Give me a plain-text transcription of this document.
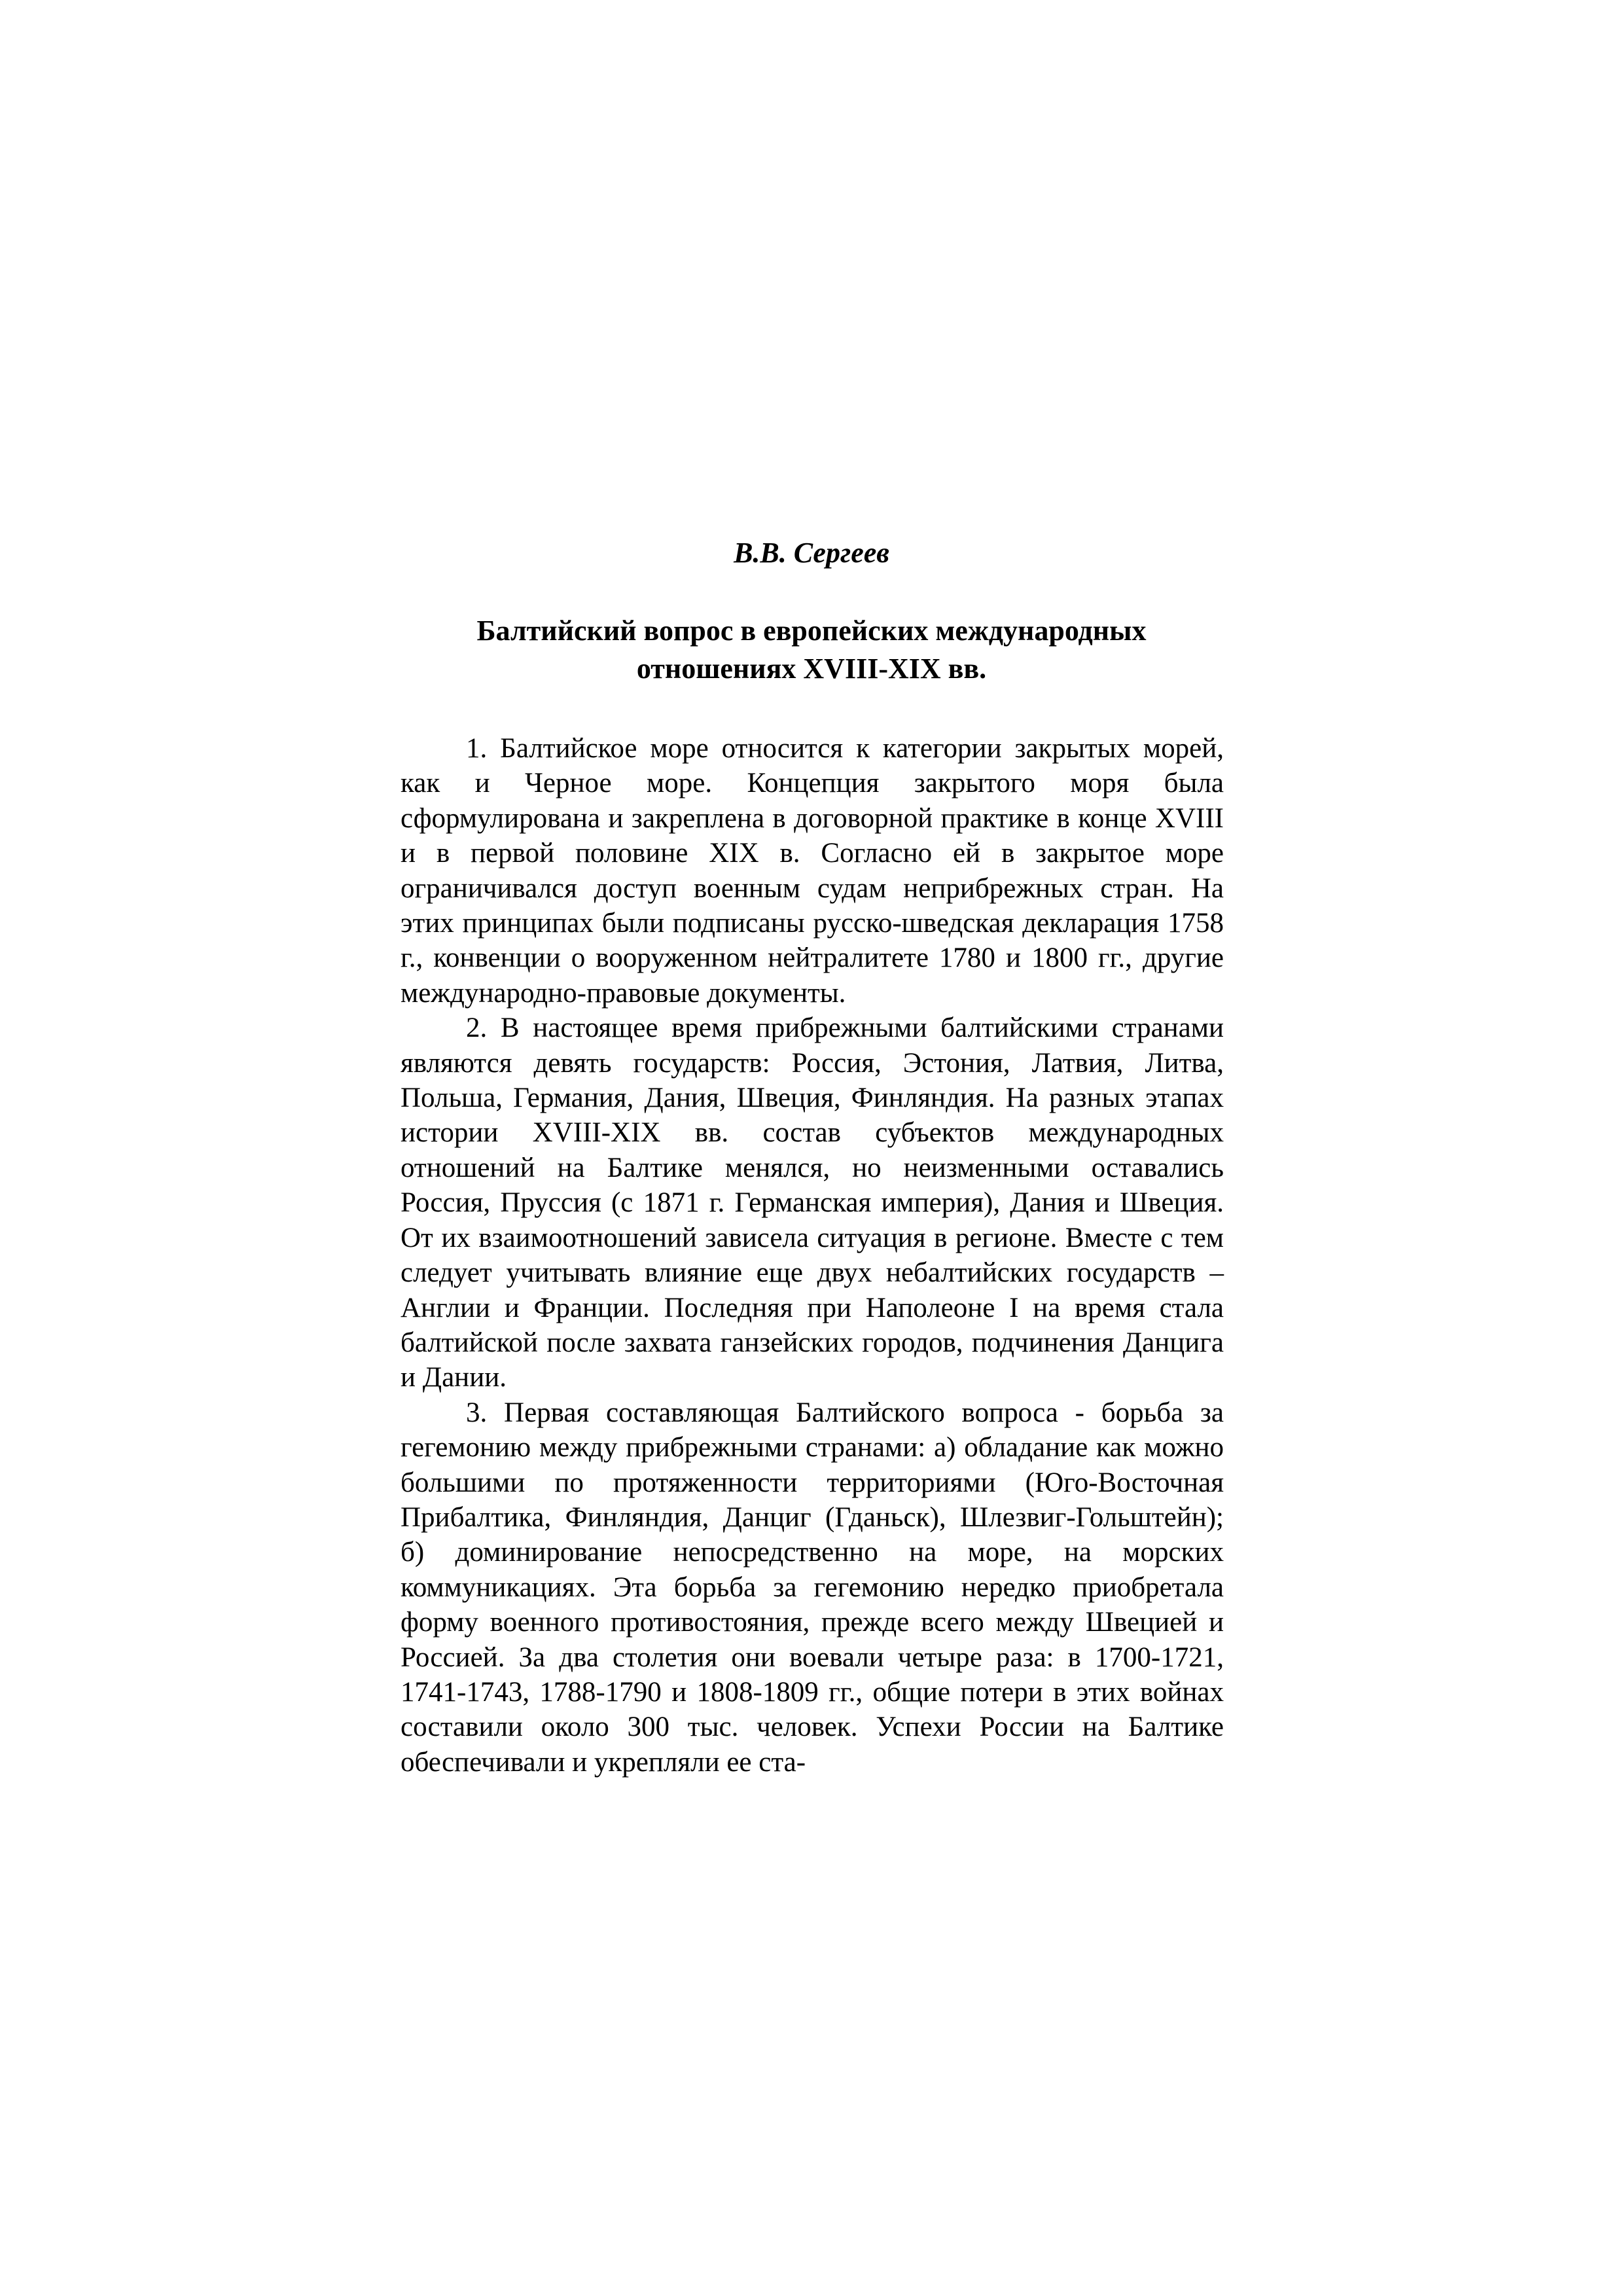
В.В. Сергеев
Балтийский вопрос в европейских международных
отношениях XVIII-XIX вв.

1. Балтийское море относится к категории закрытых морей, как и Черное море. Концепция закрытого моря была сформулирована и закреплена в договорной практике в конце XVIII и в первой половине XIX в. Согласно ей в закрытое море ограничивался доступ военным судам неприбрежных стран. На этих принципах были подписаны русско-шведская декларация 1758 г., конвенции о вооруженном нейтралитете 1780 и 1800 гг., другие международно-правовые документы.

2. В настоящее время прибрежными балтийскими странами являются девять государств: Россия, Эстония, Латвия, Литва, Польша, Германия, Дания, Швеция, Финляндия. На разных этапах истории XVIII-XIX вв. состав субъектов международных отношений на Балтике менялся, но неизменными оставались Россия, Пруссия (с 1871 г. Германская империя), Дания и Швеция. От их взаимоотношений зависела ситуация в регионе. Вместе с тем следует учитывать влияние еще двух небалтийских государств – Англии и Франции. Последняя при Наполеоне I на время стала балтийской после захвата ганзейских городов, подчинения Данцига и Дании.

3. Первая составляющая Балтийского вопроса - борьба за гегемонию между прибрежными странами: а) обладание как можно большими по протяженности территориями (Юго-Восточная Прибалтика, Финляндия, Данциг (Гданьск), Шлезвиг-Гольштейн); б) доминирование непосредственно на море, на морских коммуникациях. Эта борьба за гегемонию нередко приобретала форму военного противостояния, прежде всего между Швецией и Россией. За два столетия они воевали четыре раза: в 1700-1721, 1741-1743, 1788-1790 и 1808-1809 гг., общие потери в этих войнах составили около 300 тыс. человек. Успехи России на Балтике обеспечивали и укрепляли ее ста-
